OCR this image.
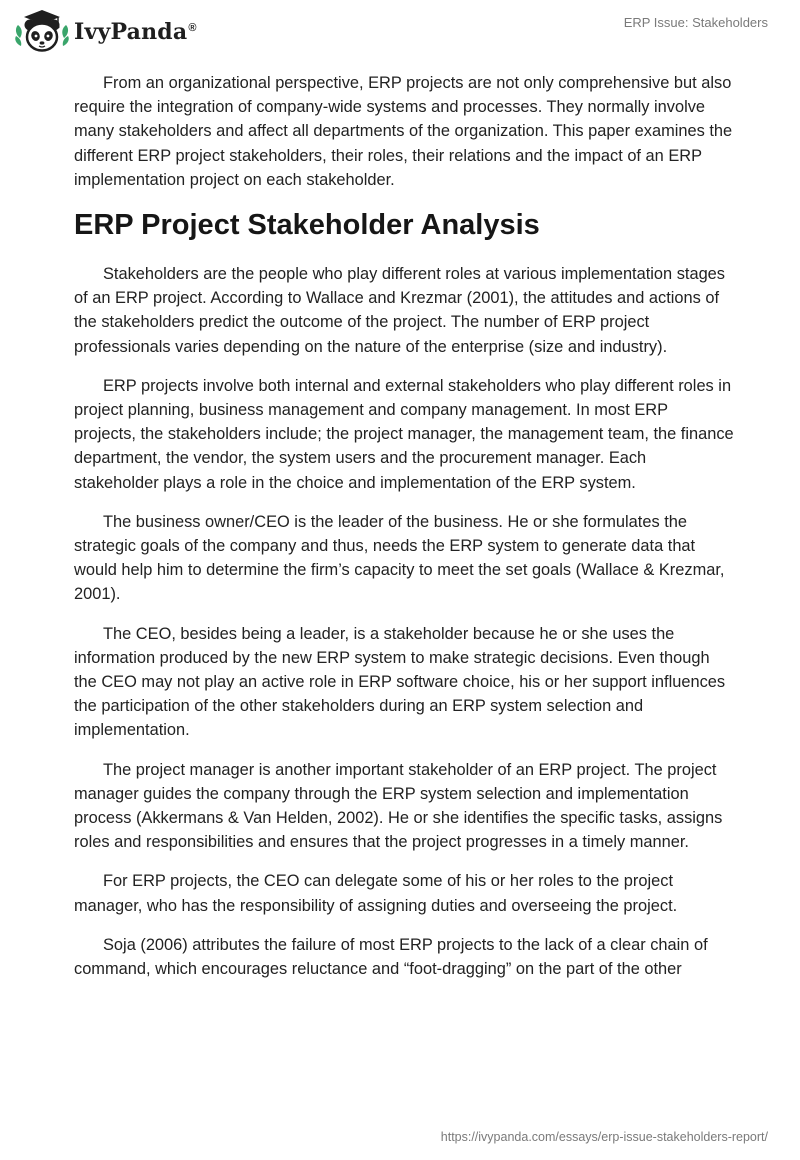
IvyPanda®	ERP Issue: Stakeholders

From an organizational perspective, ERP projects are not only comprehensive but also require the integration of company-wide systems and processes. They normally involve many stakeholders and affect all departments of the organization. This paper examines the different ERP project stakeholders, their roles, their relations and the impact of an ERP implementation project on each stakeholder.

ERP Project Stakeholder Analysis

Stakeholders are the people who play different roles at various implementation stages of an ERP project. According to Wallace and Krezmar (2001), the attitudes and actions of the stakeholders predict the outcome of the project. The number of ERP project professionals varies depending on the nature of the enterprise (size and industry).

ERP projects involve both internal and external stakeholders who play different roles in project planning, business management and company management. In most ERP projects, the stakeholders include; the project manager, the management team, the finance department, the vendor, the system users and the procurement manager. Each stakeholder plays a role in the choice and implementation of the ERP system.

The business owner/CEO is the leader of the business. He or she formulates the strategic goals of the company and thus, needs the ERP system to generate data that would help him to determine the firm’s capacity to meet the set goals (Wallace & Krezmar, 2001).

The CEO, besides being a leader, is a stakeholder because he or she uses the information produced by the new ERP system to make strategic decisions. Even though the CEO may not play an active role in ERP software choice, his or her support influences the participation of the other stakeholders during an ERP system selection and implementation.

The project manager is another important stakeholder of an ERP project. The project manager guides the company through the ERP system selection and implementation process (Akkermans & Van Helden, 2002). He or she identifies the specific tasks, assigns roles and responsibilities and ensures that the project progresses in a timely manner.

For ERP projects, the CEO can delegate some of his or her roles to the project manager, who has the responsibility of assigning duties and overseeing the project.

Soja (2006) attributes the failure of most ERP projects to the lack of a clear chain of command, which encourages reluctance and “foot-dragging” on the part of the other

https://ivypanda.com/essays/erp-issue-stakeholders-report/
